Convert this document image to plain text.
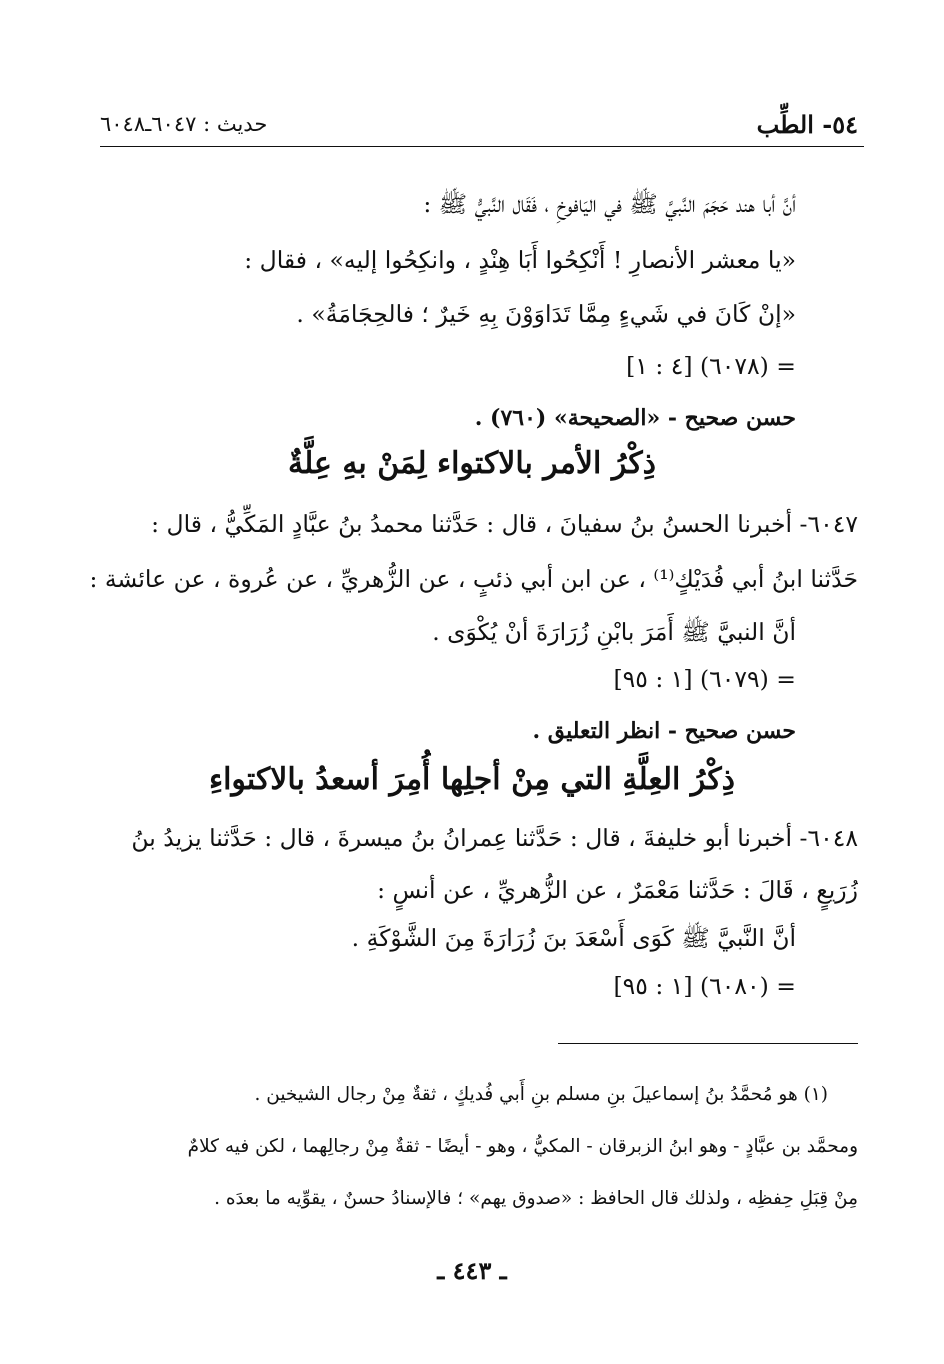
٥٤- الطِّب
حديث : ٦٠٤٧ـ٦٠٤٨
أنَّ أبا هند حَجَمَ النَّبيَّ ﷺ في اليَافوخِ ، فَقَال النَّبيُّ ﷺ :
«يا معشر الأنصارِ ! أَنْكِحُوا أَبَا هِنْدٍ ، وانكِحُوا إليه» ، فقال :
«إنْ كَانَ في شَيءٍ مِمَّا تَدَاوَوْنَ بِهِ خَيرٌ ؛ فالحِجَامَةُ» .
= (٦٠٧٨) [٤ : ١]
حسن صحيح - «الصحيحة» (٧٦٠) .
ذِكْرُ الأمر بالاكتواء لِمَنْ بهِ عِلَّةٌ
٦٠٤٧- أخبرنا الحسنُ بنُ سفيانَ ، قال : حَدَّثنا محمدُ بنُ عبَّادٍ المَكِّيُّ ، قال :
حَدَّثنا ابنُ أبي فُدَيْكٍ⁽¹⁾ ، عن ابن أبي ذئبٍ ، عن الزُّهريِّ ، عن عُروة ، عن عائشة :
أنَّ النبيَّ ﷺ أَمَرَ بابْنِ زُرَارَةَ أنْ يُكْوَى .
= (٦٠٧٩) [١ : ٩٥]
حسن صحيح - انظر التعليق .
ذِكْرُ العِلَّةِ التي مِنْ أجلِها أُمِرَ أسعدُ بالاكتواءِ
٦٠٤٨- أخبرنا أبو خليفةَ ، قال : حَدَّثنا عِمرانُ بنُ ميسرةَ ، قال : حَدَّثنا يزيدُ بنُ
زُرَيعٍ ، قَالَ : حَدَّثنا مَعْمَرٌ ، عن الزُّهريِّ ، عن أنسٍ :
أنَّ النَّبيَّ ﷺ كَوَى أَسْعَدَ بنَ زُرَارَةَ مِنَ الشَّوْكَةِ .
= (٦٠٨٠) [١ : ٩٥]
(١) هو مُحمَّدُ بنُ إسماعيلَ بنِ مسلم بنِ أَبي فُديكٍ ، ثقةٌ مِنْ رجال الشيخين .
ومحمَّد بن عبَّادٍ - وهو ابنُ الزبرقان - المكيُّ ، وهو - أيضًا - ثقةٌ مِنْ رجالِهما ، لكن فيه كلامٌ
مِنْ قِبَلِ حِفظِه ، ولذلك قال الحافظ : «صدوق يهم» ؛ فالإسنادُ حسنٌ ، يقوِّيه ما بعدَه .
ـ ٤٤٣ ـ
